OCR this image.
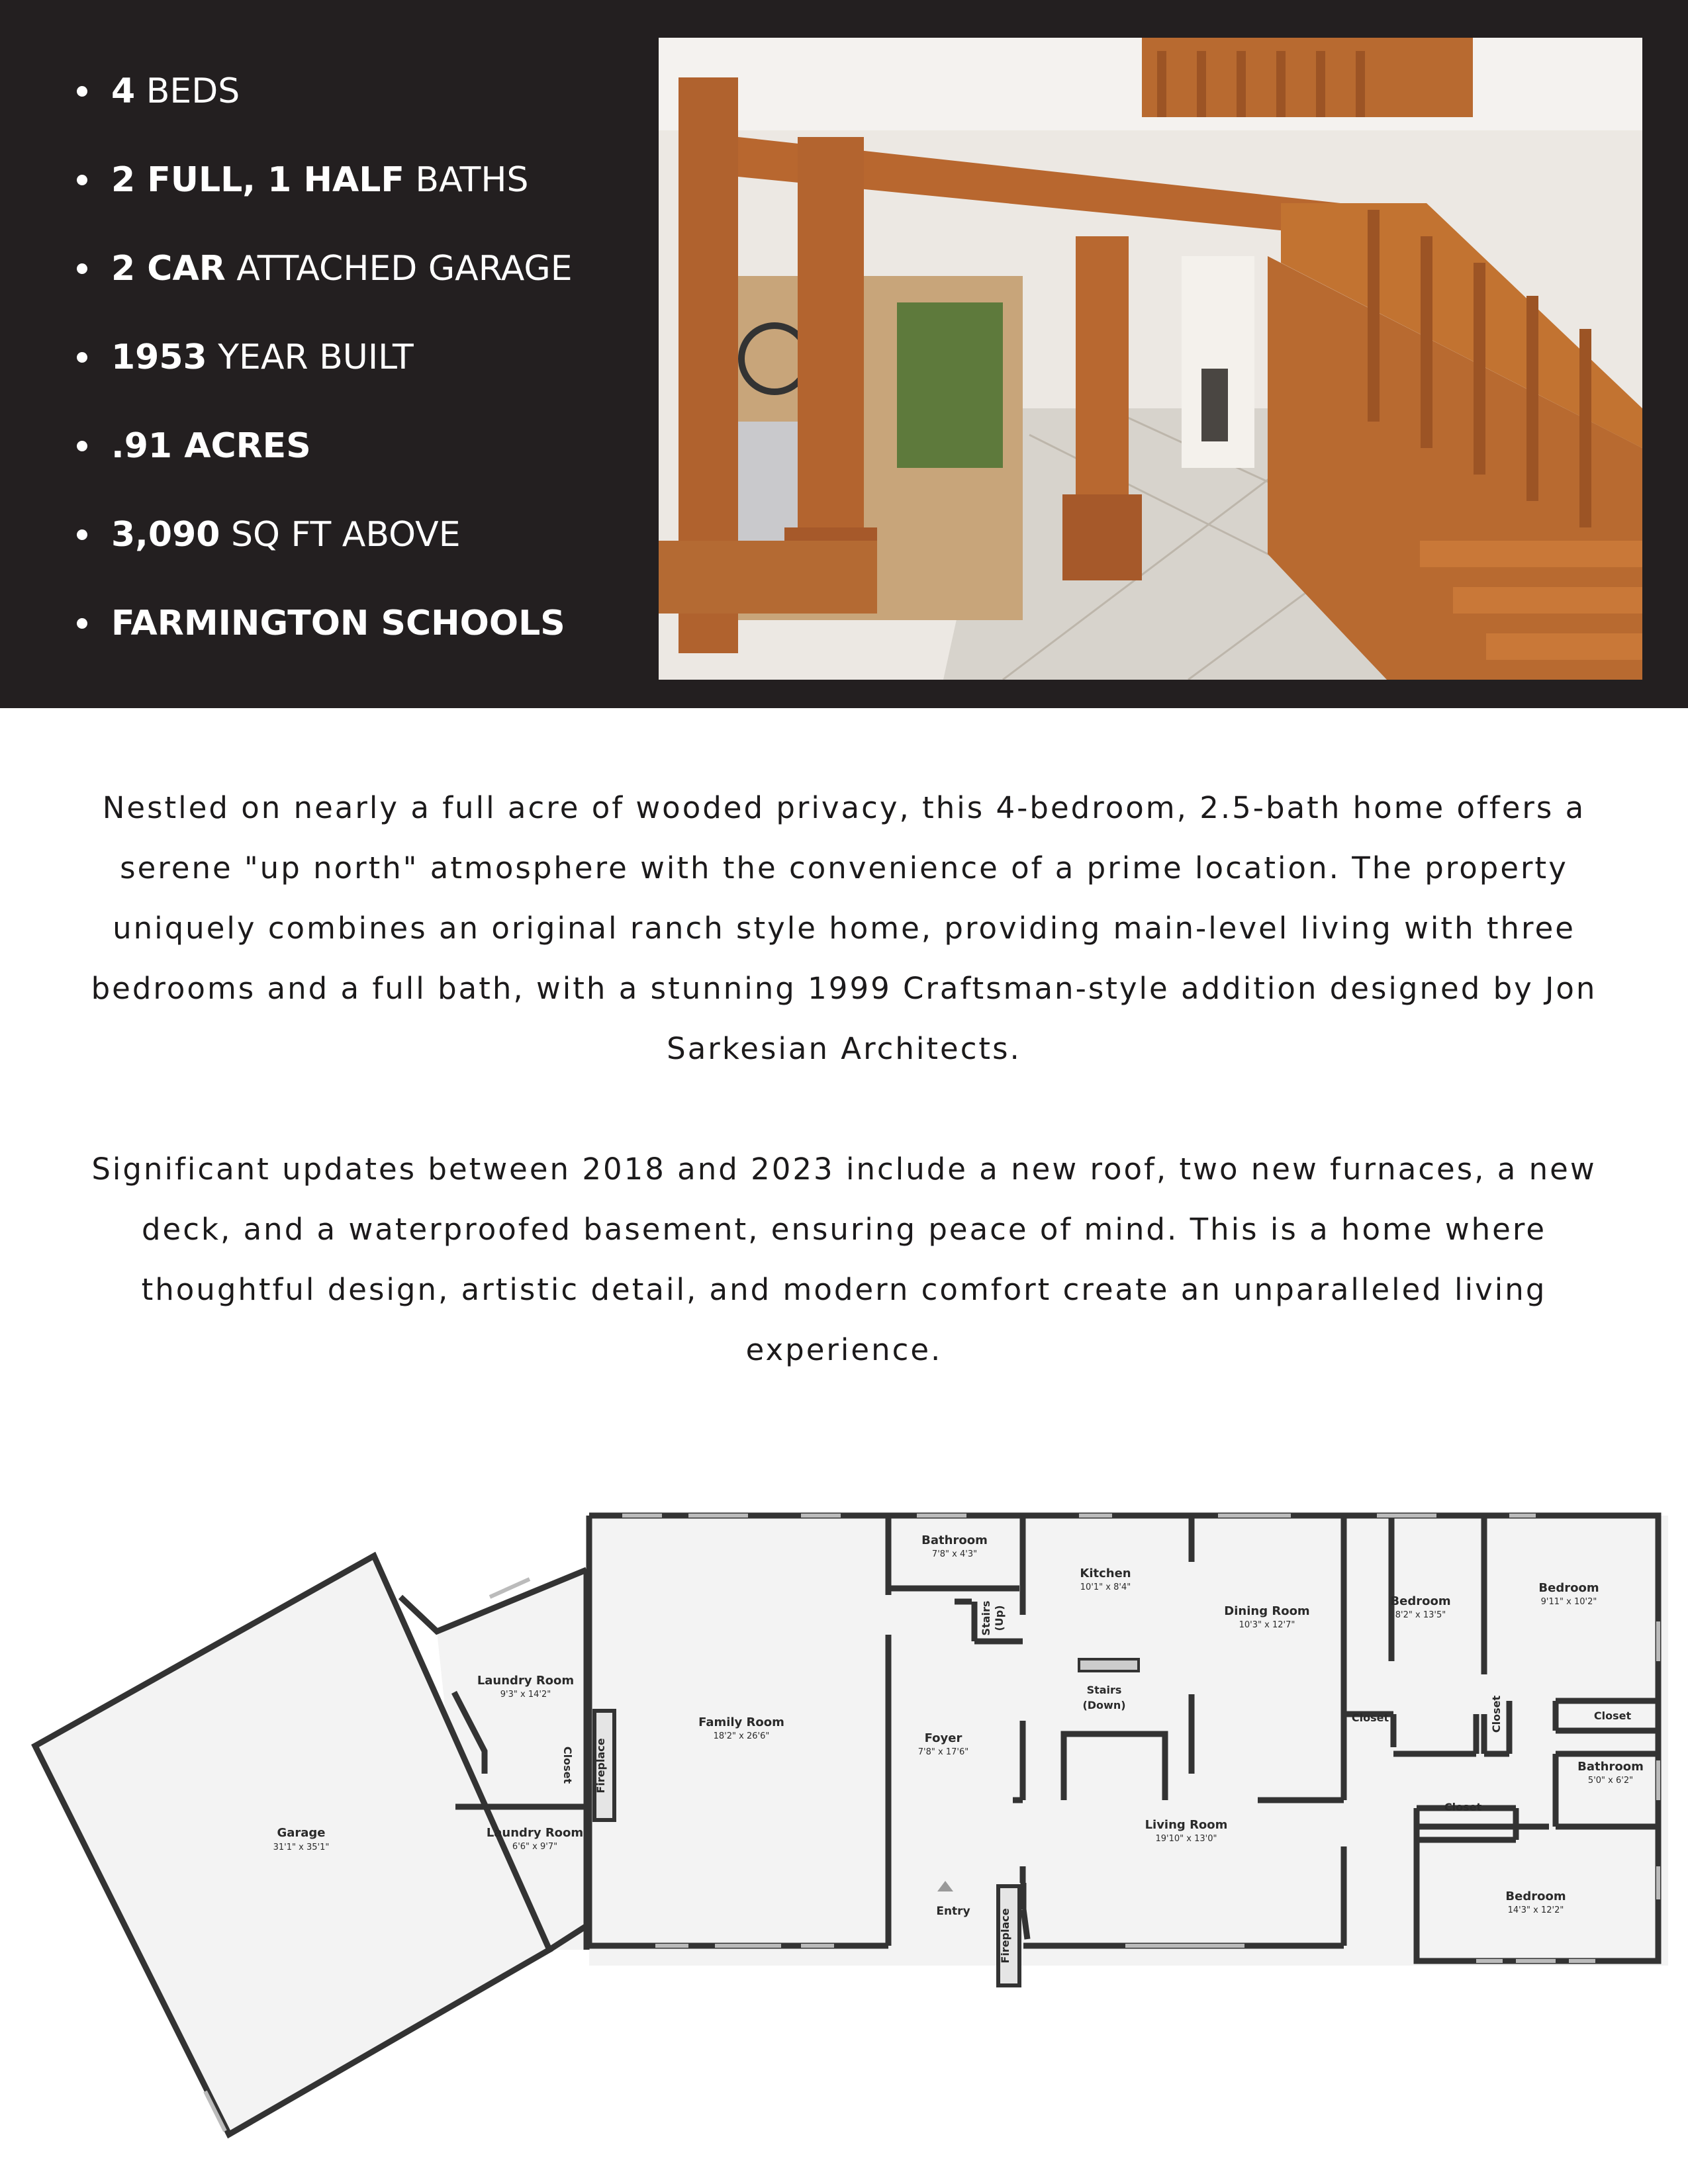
4 BEDS
2 FULL, 1 HALF BATHS
2 CAR ATTACHED GARAGE
1953 YEAR BUILT
.91 ACRES
3,090 SQ FT ABOVE
FARMINGTON SCHOOLS

Nestled on nearly a full acre of wooded privacy, this 4-bedroom, 2.5-bath home offers a serene "up north" atmosphere with the convenience of a prime location. The property uniquely combines an original ranch style home, providing main-level living with three bedrooms and a full bath, with a stunning 1999 Craftsman-style addition designed by Jon Sarkesian Architects.

Significant updates between 2018 and 2023 include a new roof, two new furnaces, a new deck, and a waterproofed basement, ensuring peace of mind. This is a home where thoughtful design, artistic detail, and modern comfort create an unparalleled living experience.

Garage
31'1" x 35'1"
Laundry Room
9'3" x 14'2"
Laundry Room
6'6" x 9'7"
Family Room
18'2" x 26'6"
Bathroom
7'8" x 4'3"
Kitchen
10'1" x 8'4"
Dining Room
10'3" x 12'7"
Foyer
7'8" x 17'6"
Living Room
19'10" x 13'0"
Bedroom
8'2" x 13'5"
Bedroom
9'11" x 10'2"
Bathroom
5'0" x 6'2"
Bedroom
14'3" x 12'2"
Closet Fireplace
Fireplace
Stairs (Up)
Stairs
(Down)
Closet	Closet	Closet
Closet
Entry
